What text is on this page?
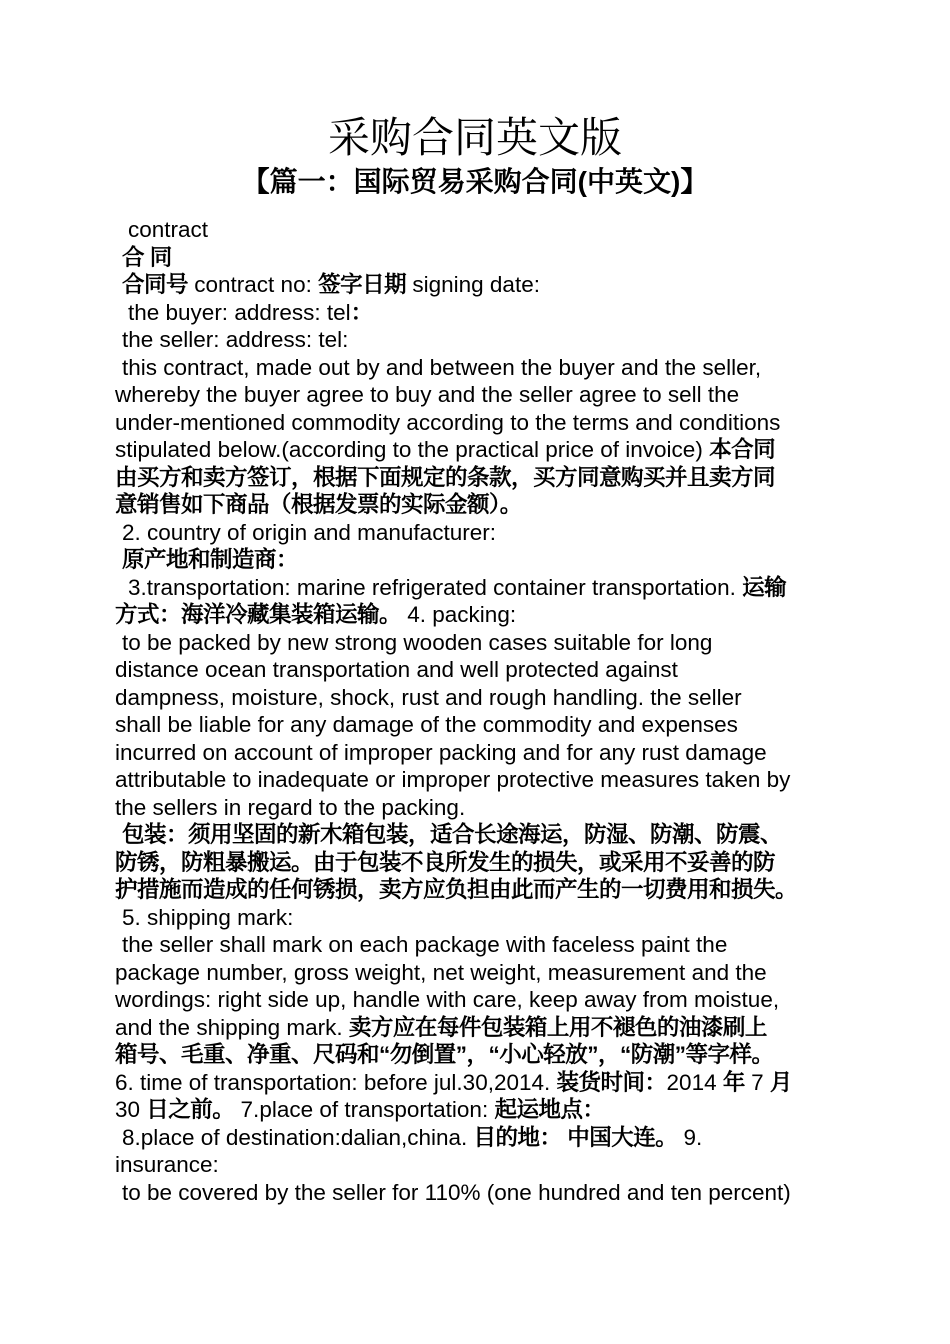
采购合同英文版
【篇一：国际贸易采购合同(中英文)】
contract
合 同
合同号 contract no: 签字日期 signing date:
the buyer: address: tel：
the seller: address: tel:
this contract, made out by and between the buyer and the seller,
whereby the buyer agree to buy and the seller agree to sell the
under-mentioned commodity according to the terms and conditions
stipulated below.(according to the practical price of invoice) 本合同
由买方和卖方签订，根据下面规定的条款，买方同意购买并且卖方同
意销售如下商品（根据发票的实际金额）。
2. country of origin and manufacturer:
原产地和制造商：
3.transportation: marine refrigerated container transportation. 运输
方式：海洋冷藏集装箱运输。 4. packing:
to be packed by new strong wooden cases suitable for long
distance ocean transportation and well protected against
dampness, moisture, shock, rust and rough handling. the seller
shall be liable for any damage of the commodity and expenses
incurred on account of improper packing and for any rust damage
attributable to inadequate or improper protective measures taken by
the sellers in regard to the packing.
包装：须用坚固的新木箱包装，适合长途海运，防湿、防潮、防震、
防锈，防粗暴搬运。由于包装不良所发生的损失，或采用不妥善的防
护措施而造成的任何锈损，卖方应负担由此而产生的一切费用和损失。
5. shipping mark:
the seller shall mark on each package with faceless paint the
package number, gross weight, net weight, measurement and the
wordings: right side up, handle with care, keep away from moistue,
and the shipping mark. 卖方应在每件包装箱上用不褪色的油漆刷上
箱号、毛重、净重、尺码和“勿倒置”，“小心轻放”，“防潮”等字样。
6. time of transportation: before jul.30,2014. 装货时间：2014 年 7 月
30 日之前。 7.place of transportation: 起运地点：
8.place of destination:dalian,china. 目的地： 中国大连。 9.
insurance:
to be covered by the seller for 110% (one hundred and ten percent)
